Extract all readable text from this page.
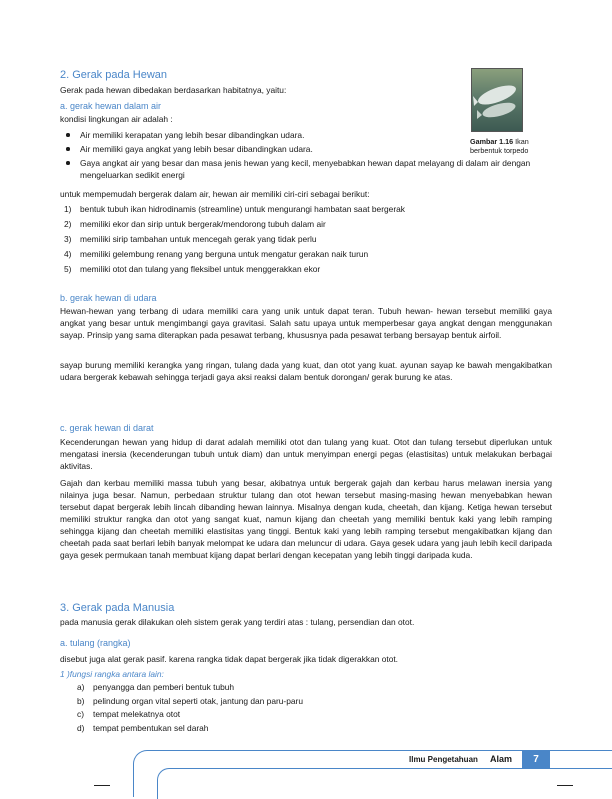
2. Gerak pada Hewan
Gerak pada hewan dibedakan berdasarkan habitatnya, yaitu:
a. gerak hewan dalam air
kondisi lingkungan air adalah :
Air memiliki kerapatan yang lebih besar dibandingkan udara.
Air memiliki gaya angkat yang lebih besar dibandingkan udara.
Gaya angkat air yang besar dan masa jenis hewan yang kecil, menyebabkan hewan dapat melayang di dalam air dengan mengeluarkan sedikit energi
untuk mempemudah bergerak dalam air, hewan air memiliki ciri-ciri sebagai berikut:
1) bentuk tubuh ikan hidrodinamis (streamline) untuk mengurangi hambatan saat bergerak
2) memiliki ekor dan sirip untuk bergerak/mendorong tubuh dalam air
3) memiliki sirip tambahan untuk mencegah gerak yang tidak perlu
4) memiliki gelembung renang yang berguna untuk mengatur gerakan naik turun
5) memiliki otot dan tulang yang fleksibel untuk menggerakkan ekor
Gambar 1.16 Ikan berbentuk torpedo
b. gerak hewan di udara
Hewan-hewan yang terbang di udara memiliki cara yang unik untuk dapat teran. Tubuh hewan- hewan tersebut memiliki gaya angkat yang besar untuk mengimbangi gaya gravitasi. Salah satu upaya untuk memperbesar gaya angkat dengan menggunakan sayap. Prinsip yang sama diterapkan pada pesawat terbang, khususnya pada pesawat terbang bersayap bentuk airfoil.
sayap burung memiliki kerangka yang ringan, tulang dada yang kuat, dan otot yang kuat. ayunan sayap ke bawah mengakibatkan udara bergerak kebawah sehingga terjadi gaya aksi reaksi dalam bentuk dorongan/ gerak burung ke atas.
c. gerak hewan di darat
Kecenderungan hewan yang hidup di darat adalah memiliki otot dan tulang yang kuat. Otot dan tulang tersebut diperlukan untuk mengatasi inersia (kecenderungan tubuh untuk diam) dan untuk menyimpan energi pegas (elastisitas) untuk melakukan berbagai aktivitas.
Gajah dan kerbau memiliki massa tubuh yang besar, akibatnya untuk bergerak gajah dan kerbau harus melawan inersia yang nilainya juga besar. Namun, perbedaan struktur tulang dan otot hewan tersebut masing-masing hewan menyebabkan hewan tersebut dapat bergerak lebih lincah dibanding hewan lainnya. Misalnya dengan kuda, cheetah, dan kijang. Ketiga hewan tersebut memiliki struktur rangka dan otot yang sangat kuat, namun kijang dan cheetah yang memiliki bentuk kaki yang lebih ramping sehingga kijang dan cheetah memiliki elastisitas yang tinggi. Bentuk kaki yang lebih ramping tersebut mengakibatkan kijang dan cheetah pada saat berlari lebih banyak melompat ke udara dan meluncur di udara. Gaya gesek udara yang jauh lebih kecil daripada gaya gesek permukaan tanah membuat kijang dapat berlari dengan kecepatan yang lebih tinggi daripada kuda.
3. Gerak pada Manusia
pada manusia gerak dilakukan oleh sistem gerak yang terdiri atas : tulang, persendian dan otot.
a. tulang (rangka)
disebut juga alat gerak pasif. karena rangka tidak dapat bergerak jika tidak digerakkan otot.
1 )fungsi rangka antara lain:
a) penyangga dan pemberi bentuk tubuh
b) pelindung organ vital seperti otak, jantung dan paru-paru
c) tempat melekatnya otot
d) tempat pembentukan sel darah
Ilmu Pengetahuan Alam	7
